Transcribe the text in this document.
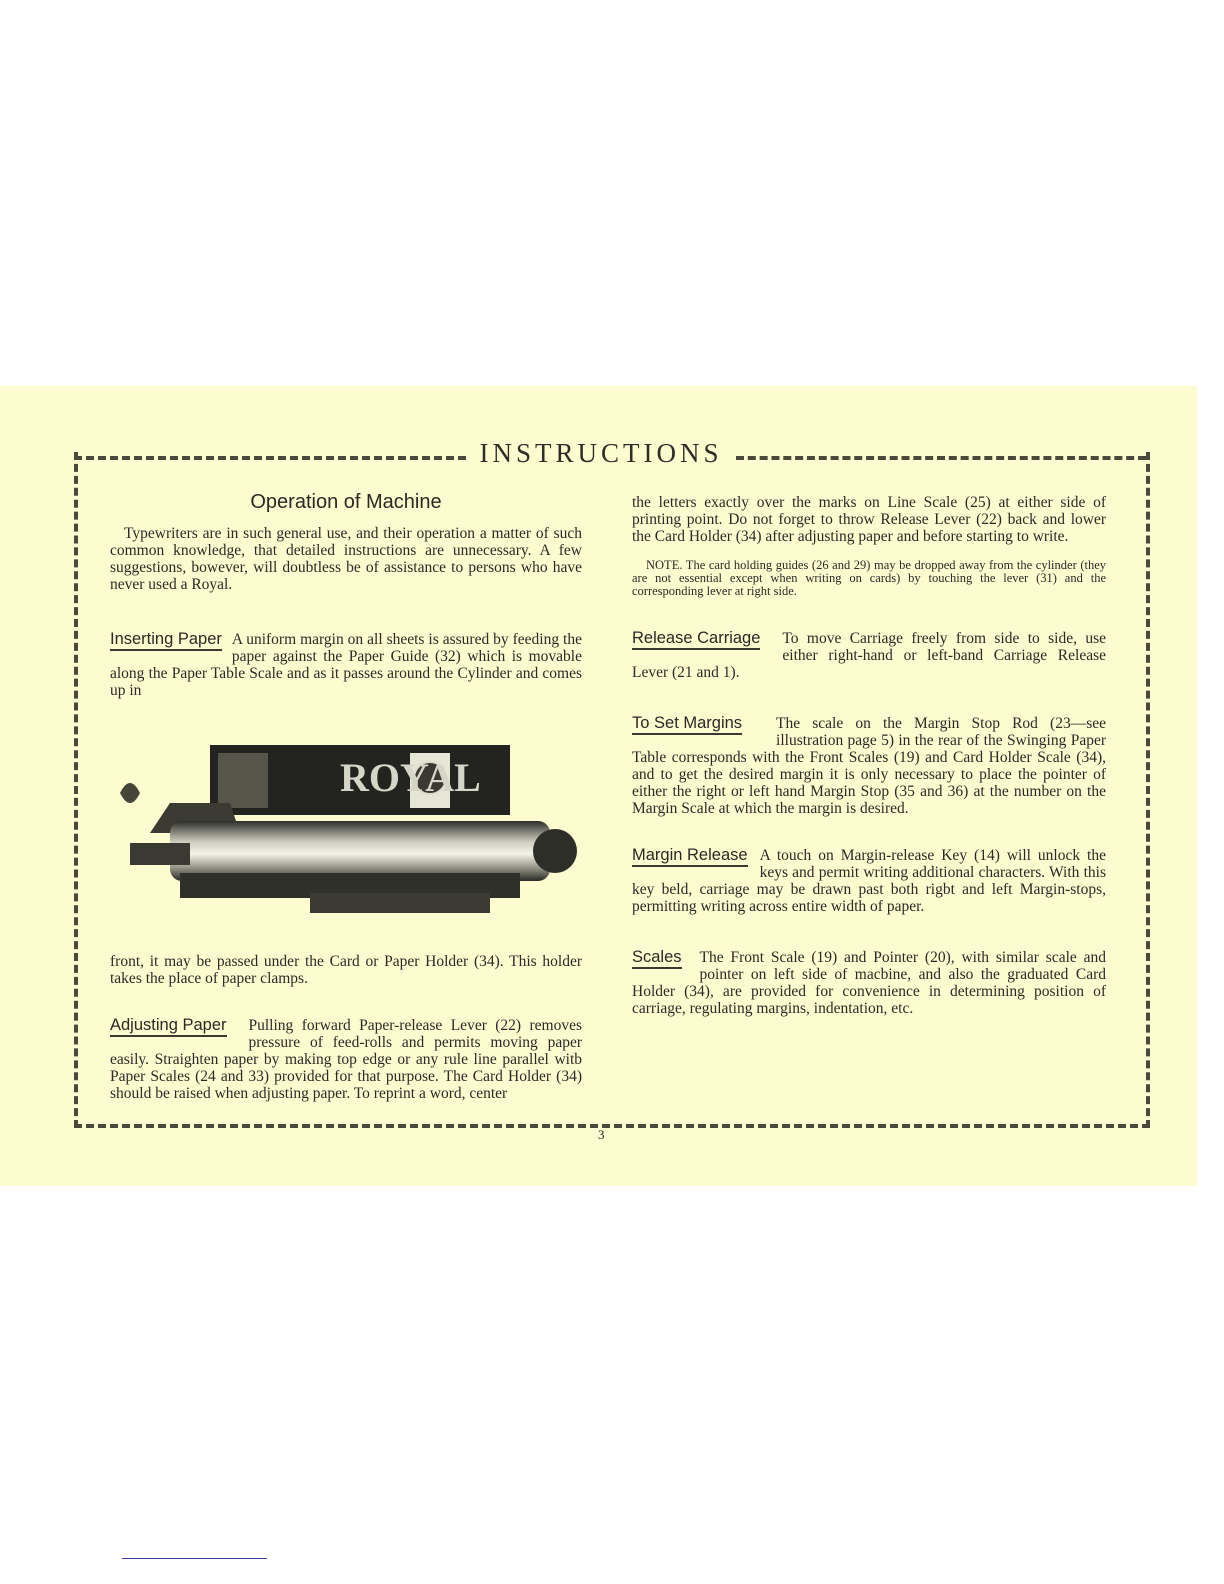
INSTRUCTIONS
Operation of Machine

Typewriters are in such general use, and their operation a matter of such common knowledge, that detailed instructions are unnecessary. A few suggestions, bowever, will doubtless be of assistance to persons who have never used a Royal.

Inserting Paper A uniform margin on all sheets is assured by feeding the paper against the Paper Guide (32) which is movable along the Paper Table Scale and as it passes around the Cylinder and comes up in

ROYAL

front, it may be passed under the Card or Paper Holder (34). This holder takes the place of paper clamps.

Adjusting Paper	Pulling forward Paper-release Lever (22) removes pressure of feed-rolls and permits moving paper easily. Straighten paper by making top edge or any rule line parallel witb Paper Scales (24 and 33) provided for that purpose. The Card Holder (34) should be raised when adjusting paper. To reprint a word, center

the letters exactly over the marks on Line Scale (25) at either side of printing point. Do not forget to throw Release Lever (22) back and lower the Card Holder (34) after adjusting paper and before starting to write.

NOTE. The card holding guides (26 and 29) may be dropped away from the cylinder (they are not essential except when writing on cards) by touching the lever (31) and the corresponding lever at right side.

Release Carriage	To move Carriage freely from side to side, use either right-hand or left-band Carriage Release Lever (21 and 1).

To Set Margins	The scale on the Margin Stop Rod (23—see illustration page 5) in the rear of the Swinging Paper Table corresponds with the Front Scales (19) and Card Holder Scale (34), and to get the desired margin it is only necessary to place the pointer of either the right or left hand Margin Stop (35 and 36) at the number on the Margin Scale at which the margin is desired.

Margin Release A touch on Margin-release Key (14) will unlock the keys and permit writing additional characters. With this key beld, carriage may be drawn past both rigbt and left Margin-stops, permitting writing across entire width of paper.

Scales	The Front Scale (19) and Pointer (20), with similar scale and pointer on left side of macbine, and also the graduated Card Holder (34), are provided for convenience in determining position of carriage, regulating margins, indentation, etc.

3
